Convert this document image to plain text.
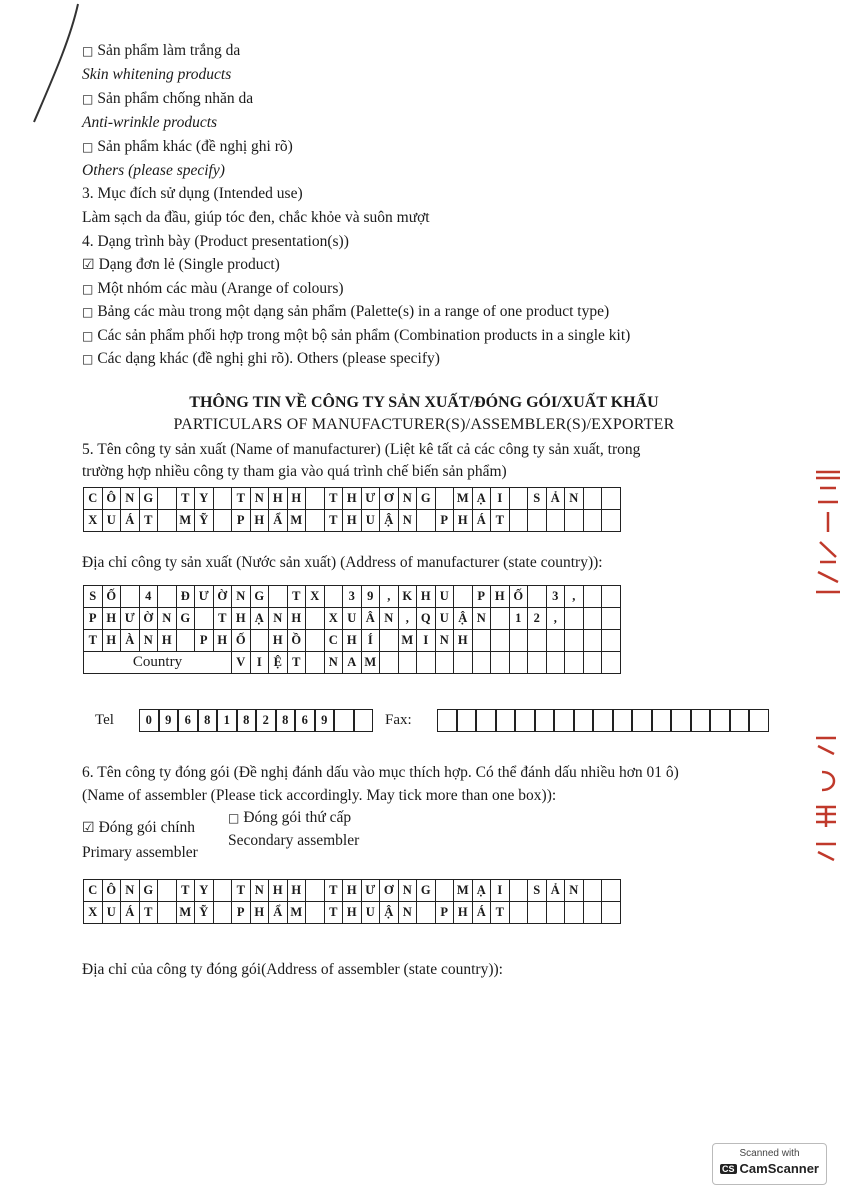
□ Sản phẩm làm trắng da
Skin whitening products
□ Sản phẩm chống nhăn da
Anti-wrinkle products
□ Sản phẩm khác (đề nghị ghi rõ)
Others (please specify)
3. Mục đích sử dụng (Intended use)
Làm sạch da đầu, giúp tóc đen, chắc khỏe và suôn mượt
4. Dạng trình bày (Product presentation(s))
☑ Dạng đơn lẻ (Single product)
□ Một nhóm các màu (Arange of colours)
□ Bảng các màu trong một dạng sản phẩm (Palette(s) in a range of one product type)
□ Các sản phẩm phối hợp trong một bộ sản phẩm (Combination products in a single kit)
□ Các dạng khác (đề nghị ghi rõ). Others (please specify)
THÔNG TIN VỀ CÔNG TY SẢN XUẤT/ĐÓNG GÓI/XUẤT KHẨU
PARTICULARS OF MANUFACTURER(S)/ASSEMBLER(S)/EXPORTER
5. Tên công ty sản xuất (Name of manufacturer) (Liệt kê tất cả các công ty sản xuất, trong
trường hợp nhiều công ty tham gia vào quá trình chế biến sản phẩm)
C	Ô	N	G		T	Y		T	N	H	H		T	H	Ư	Ơ	N	G		M	Ạ	I		S	Ả	N		
X	U	Á	T		M	Ỹ		P	H	Ẩ	M		T	H	U	Ậ	N		P	H	Á	T						
Địa chỉ công ty sản xuất (Nước sản xuất) (Address of manufacturer (state country)):
S	Ố		4		Đ	Ư	Ờ	N	G		T	X		3	9	,	K	H	U		P	H	Ố		3	,		
P	H	Ư	Ờ	N	G		T	H	Ạ	N	H		X	U	Â	N	,	Q	U	Ậ	N		1	2	,			
T	H	À	N	H		P	H	Ố		H	Ồ		C	H	Í		M	I	N	H								
Country								V	I	Ệ	T		N	A	M													
Tel	0	9	6	8	1	8	2	8	6	9			Fax:																	
6. Tên công ty đóng gói (Đề nghị đánh dấu vào mục thích hợp. Có thể đánh dấu nhiều hơn 01 ô)
(Name of assembler (Please tick accordingly. May tick more than one box)):
☑ Đóng gói chính
Primary assembler
□ Đóng gói thứ cấp
Secondary assembler
C	Ô	N	G		T	Y		T	N	H	H		T	H	Ư	Ơ	N	G		M	Ạ	I		S	Ả	N		
X	U	Á	T		M	Ỹ		P	H	Ẩ	M		T	H	U	Ậ	N		P	H	Á	T						
Địa chỉ của công ty đóng gói(Address of assembler (state country)):
Scanned with
CS CamScanner
